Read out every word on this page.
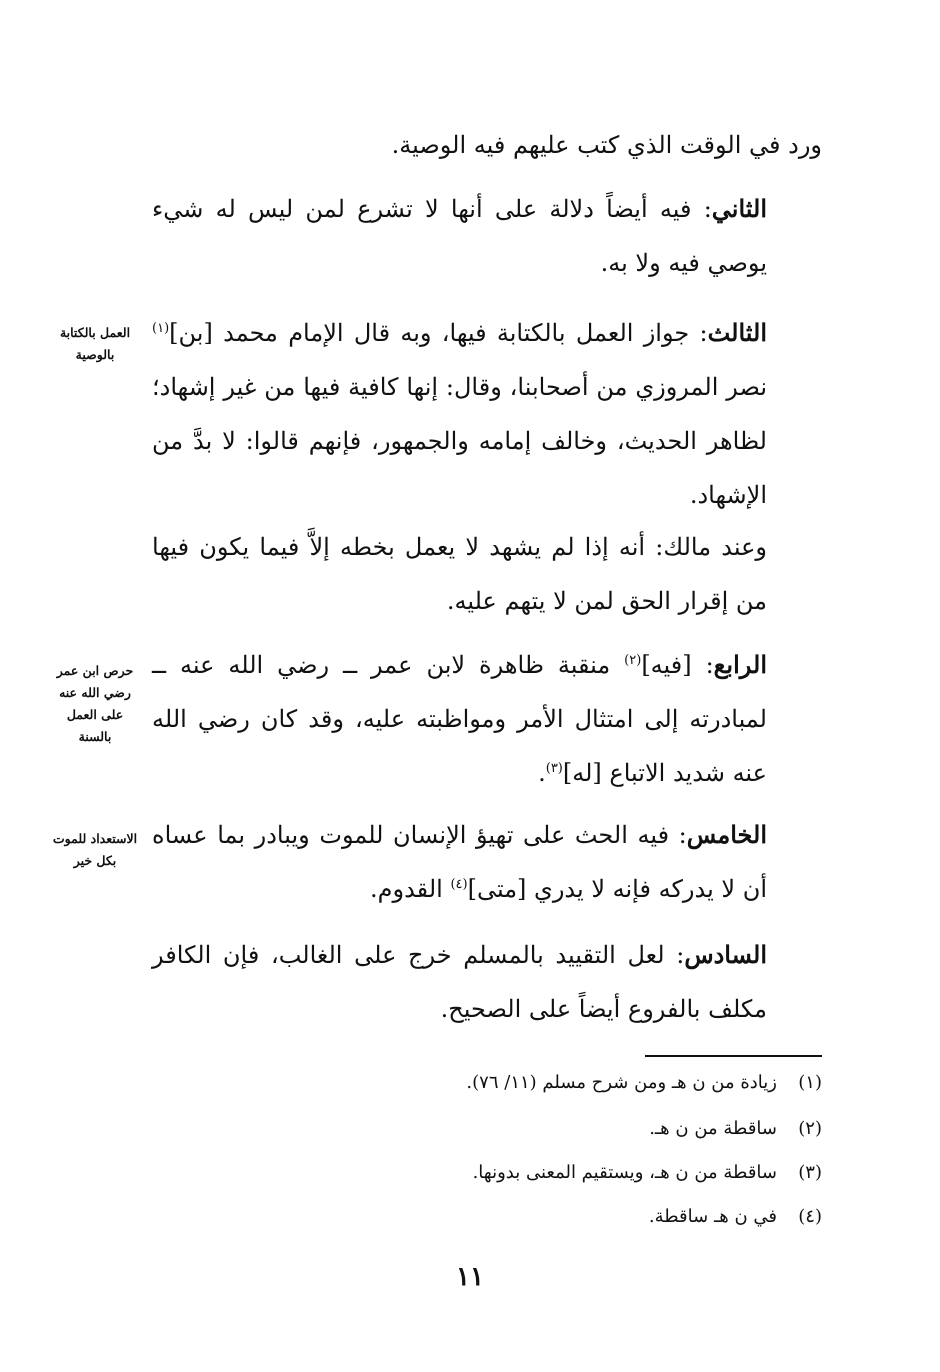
ورد في الوقت الذي كتب عليهم فيه الوصية.

الثاني: فيه أيضاً دلالة على أنها لا تشرع لمن ليس له شيء يوصي فيه ولا به.

الثالث: جواز العمل بالكتابة فيها، وبه قال الإمام محمد [بن]$^{(١)}$ نصر المروزي من أصحابنا، وقال: إنها كافية فيها من غير إشهاد؛ لظاهر الحديث، وخالف إمامه والجمهور، فإنهم قالوا: لا بدَّ من الإشهاد.

وعند مالك: أنه إذا لم يشهد لا يعمل بخطه إلاَّ فيما يكون فيها من إقرار الحق لمن لا يتهم عليه.

الرابع: [فيه]$^{(٢)}$ منقبة ظاهرة لابن عمر ــ رضي الله عنه ــ لمبادرته إلى امتثال الأمر ومواظبته عليه، وقد كان رضي الله عنه شديد الاتباع [له]$^{(٣)}$.

الخامس: فيه الحث على تهيؤ الإنسان للموت ويبادر بما عساه أن لا يدركه فإنه لا يدري [متى]$^{(٤)}$ القدوم.

السادس: لعل التقييد بالمسلم خرج على الغالب، فإن الكافر مكلف بالفروع أيضاً على الصحيح.

العمل بالكتابة بالوصية
حرص ابن عمر رضي الله عنه على العمل بالسنة
الاستعداد للموت بكل خير
(١)زيادة من ن هـ ومن شرح مسلم (١١/ ٧٦).
(٢)ساقطة من ن هـ.
(٣)ساقطة من ن هـ، ويستقيم المعنى بدونها.
(٤)في ن هـ ساقطة.
١١
